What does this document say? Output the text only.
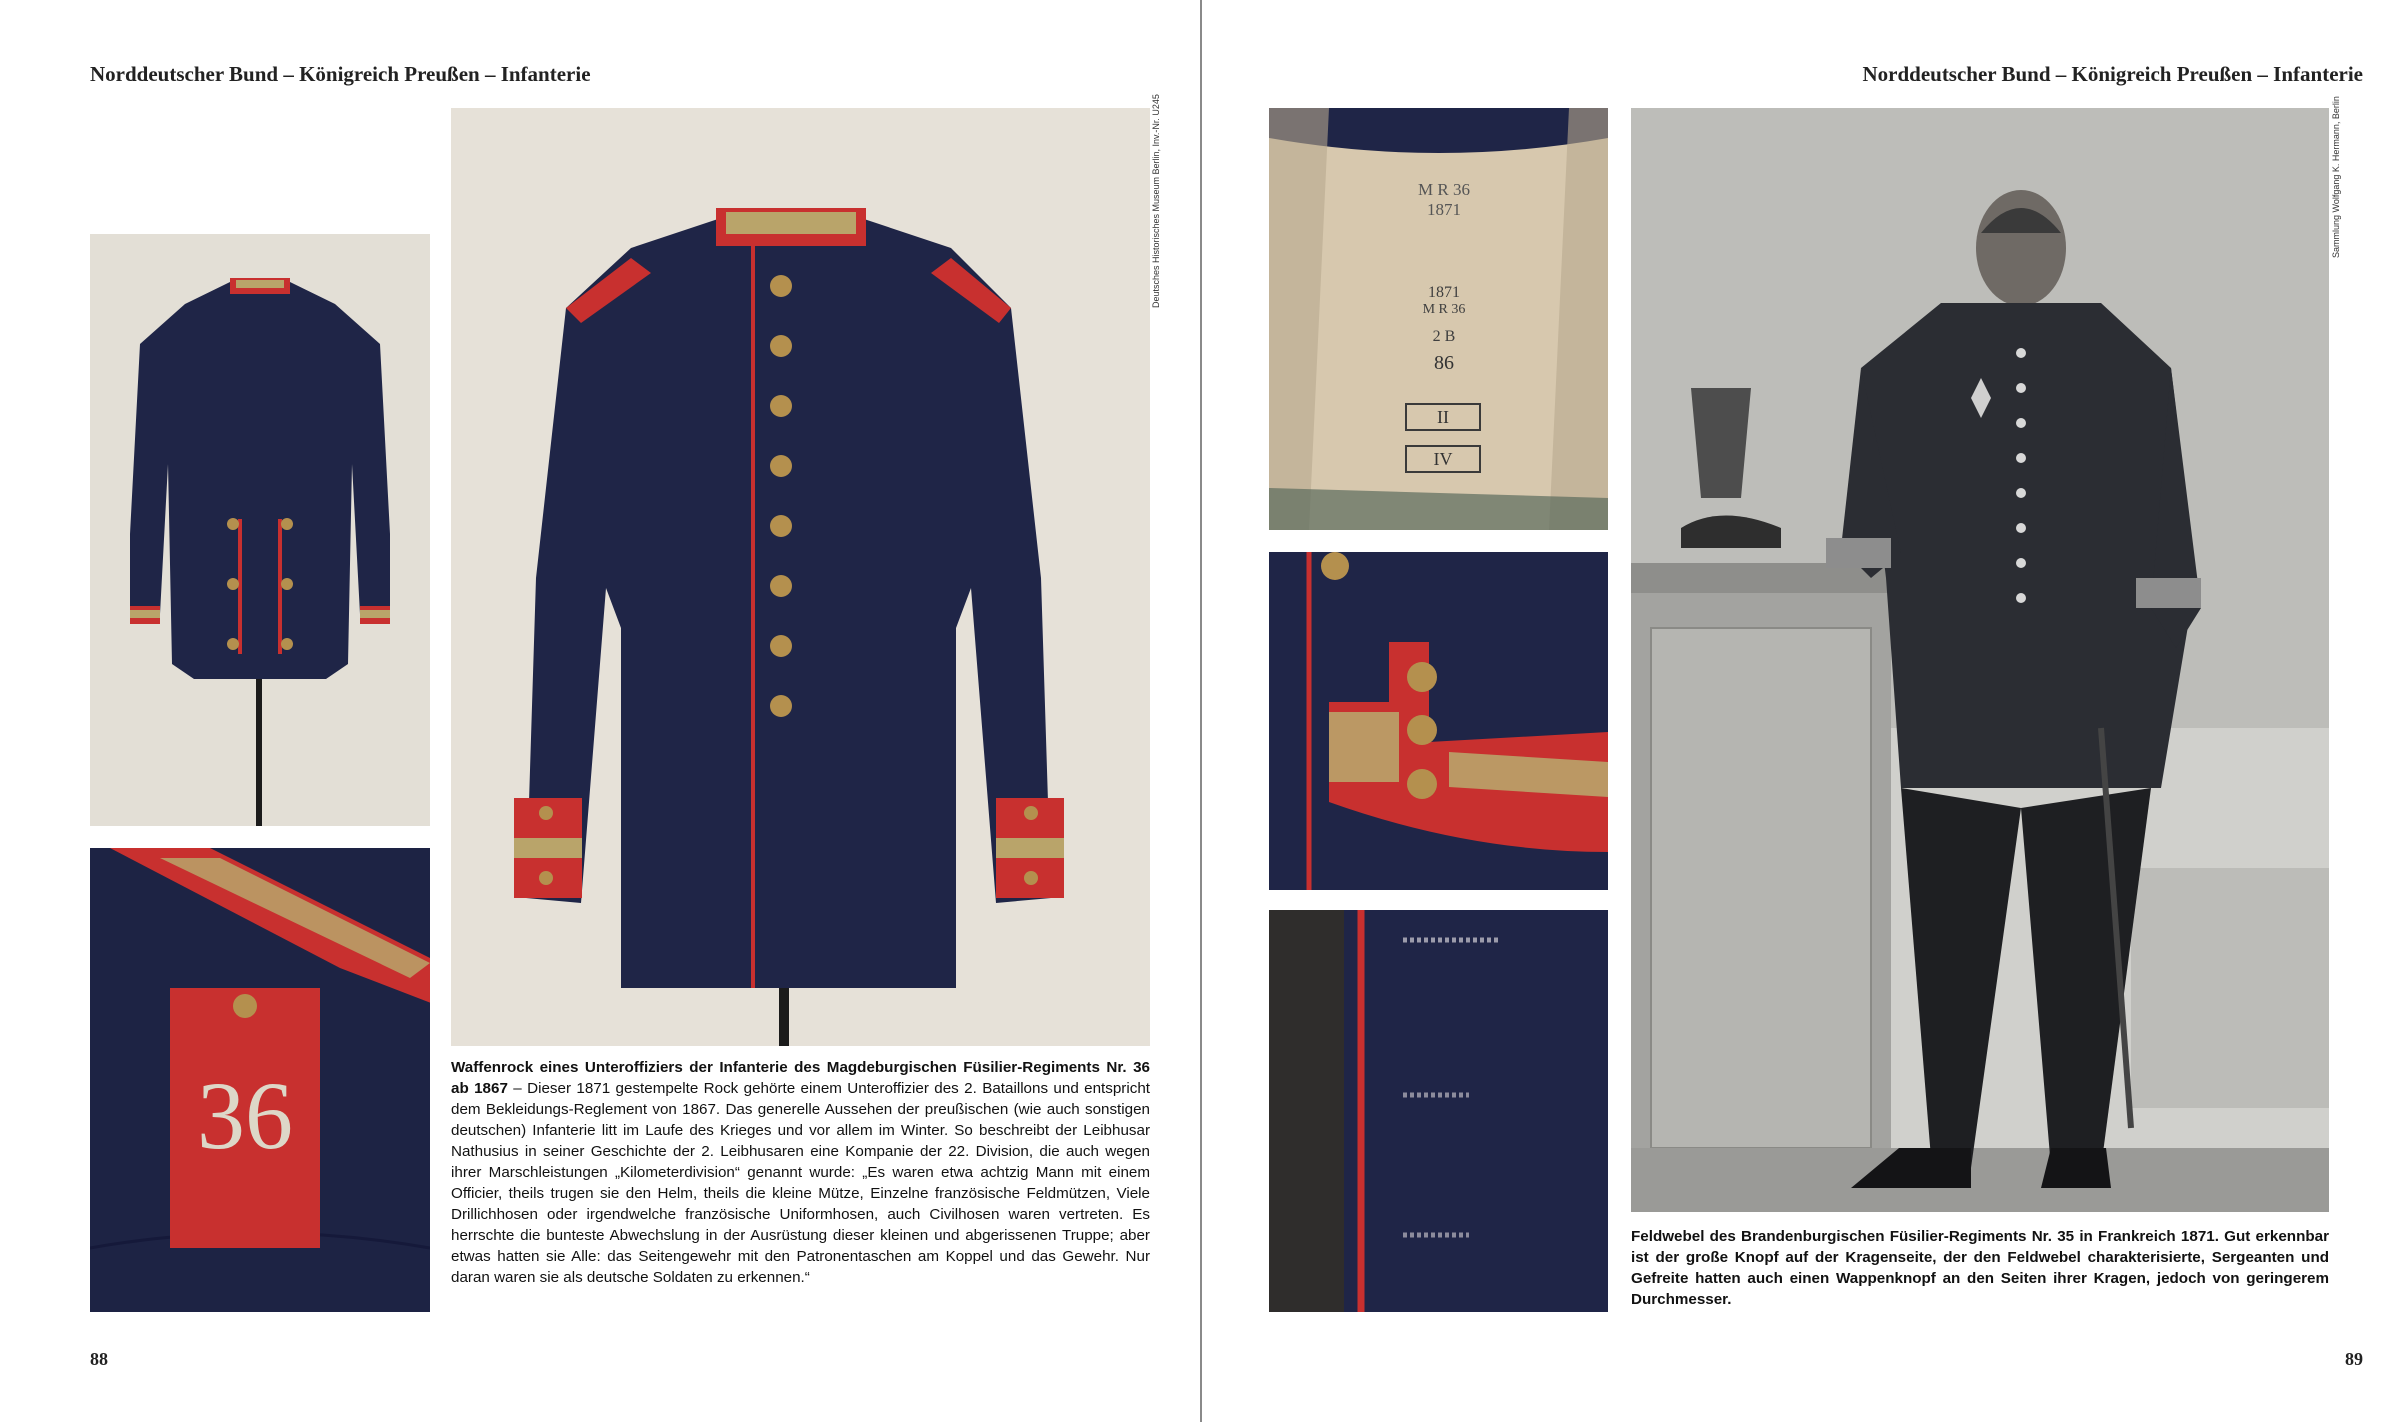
Norddeutscher Bund – Königreich Preußen – Infanterie
36
Deutsches Historisches Museum Berlin, Inv.-Nr. U245

Waffenrock eines Unteroffiziers der Infanterie des Magdeburgischen Füsilier-Regiments Nr. 36 ab 1867 – Dieser 1871 gestempelte Rock gehörte einem Unteroffizier des 2. Bataillons und entspricht dem Bekleidungs-Reglement von 1867. Das generelle Aussehen der preußischen (wie auch sonstigen deutschen) Infanterie litt im Laufe des Krieges und vor allem im Winter. So beschreibt der Leibhusar Nathusius in seiner Geschichte der 2. Leibhusaren eine Kompanie der 22. Division, die auch wegen ihrer Marschleistungen „Kilometerdivision“ genannt wurde: „Es waren etwa achtzig Mann mit einem Officier, theils trugen sie den Helm, theils die kleine Mütze, Einzelne französische Feldmützen, Viele Drillichhosen oder irgendwelche französische Uniformhosen, auch Civilhosen waren vertreten. Es herrschte die bunteste Abwechslung in der Ausrüstung dieser kleinen und abgerissenen Truppe; aber etwas hatten sie Alle: das Seitengewehr mit den Patronentaschen am Koppel und das Gewehr. Nur daran waren sie als deutsche Soldaten zu erkennen.“

88
Norddeutscher Bund – Königreich Preußen – Infanterie
M R 36
1871
1871
M R 36
2 B
86
II
IV
Sammlung Wolfgang K. Hermann, Berlin

Feldwebel des Brandenburgischen Füsilier-Regiments Nr. 35 in Frankreich 1871. Gut erkennbar ist der große Knopf auf der Kragenseite, der den Feldwebel charakterisierte, Sergeanten und Gefreite hatten auch einen Wappenknopf an den Seiten ihrer Kragen, jedoch von geringerem Durchmesser.

89
